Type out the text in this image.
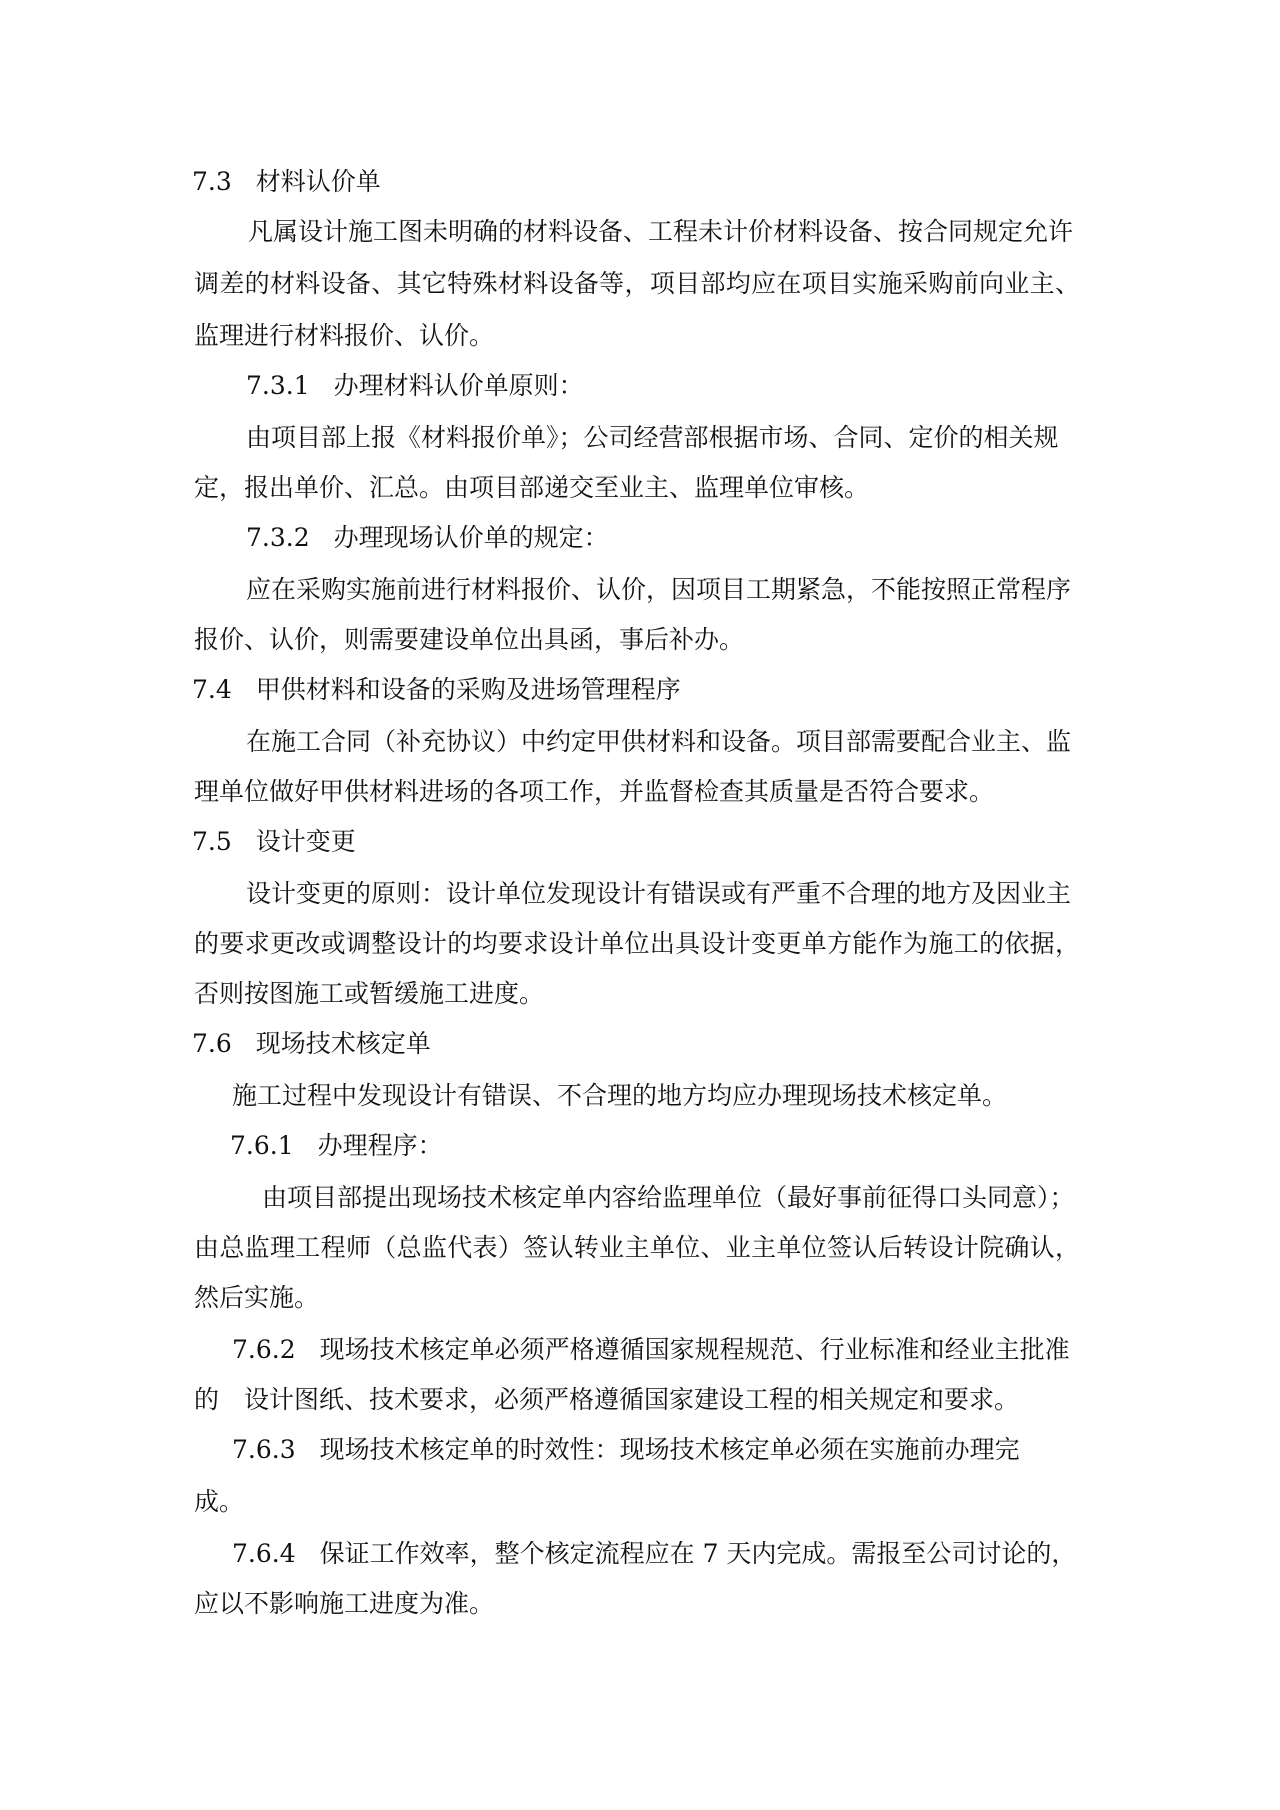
7.3 材料认价单
凡属设计施工图未明确的材料设备、工程未计价材料设备、按合同规定允许
调差的材料设备、其它特殊材料设备等，项目部均应在项目实施采购前向业主、
监理进行材料报价、认价。
7.3.1 办理材料认价单原则：
由项目部上报《材料报价单》；公司经营部根据市场、合同、定价的相关规
定，报出单价、汇总。由项目部递交至业主、监理单位审核。
7.3.2 办理现场认价单的规定：
应在采购实施前进行材料报价、认价，因项目工期紧急，不能按照正常程序
报价、认价，则需要建设单位出具函，事后补办。
7.4 甲供材料和设备的采购及进场管理程序
在施工合同（补充协议）中约定甲供材料和设备。项目部需要配合业主、监
理单位做好甲供材料进场的各项工作，并监督检查其质量是否符合要求。
7.5 设计变更
设计变更的原则：设计单位发现设计有错误或有严重不合理的地方及因业主
的要求更改或调整设计的均要求设计单位出具设计变更单方能作为施工的依据，
否则按图施工或暂缓施工进度。
7.6 现场技术核定单
施工过程中发现设计有错误、不合理的地方均应办理现场技术核定单。
7.6.1 办理程序：
由项目部提出现场技术核定单内容给监理单位（最好事前征得口头同意）；
由总监理工程师（总监代表）签认转业主单位、业主单位签认后转设计院确认，
然后实施。
7.6.2 现场技术核定单必须严格遵循国家规程规范、行业标准和经业主批准
的　设计图纸、技术要求，必须严格遵循国家建设工程的相关规定和要求。
7.6.3 现场技术核定单的时效性：现场技术核定单必须在实施前办理完
成。
7.6.4 保证工作效率，整个核定流程应在 7 天内完成。需报至公司讨论的，
应以不影响施工进度为准。
